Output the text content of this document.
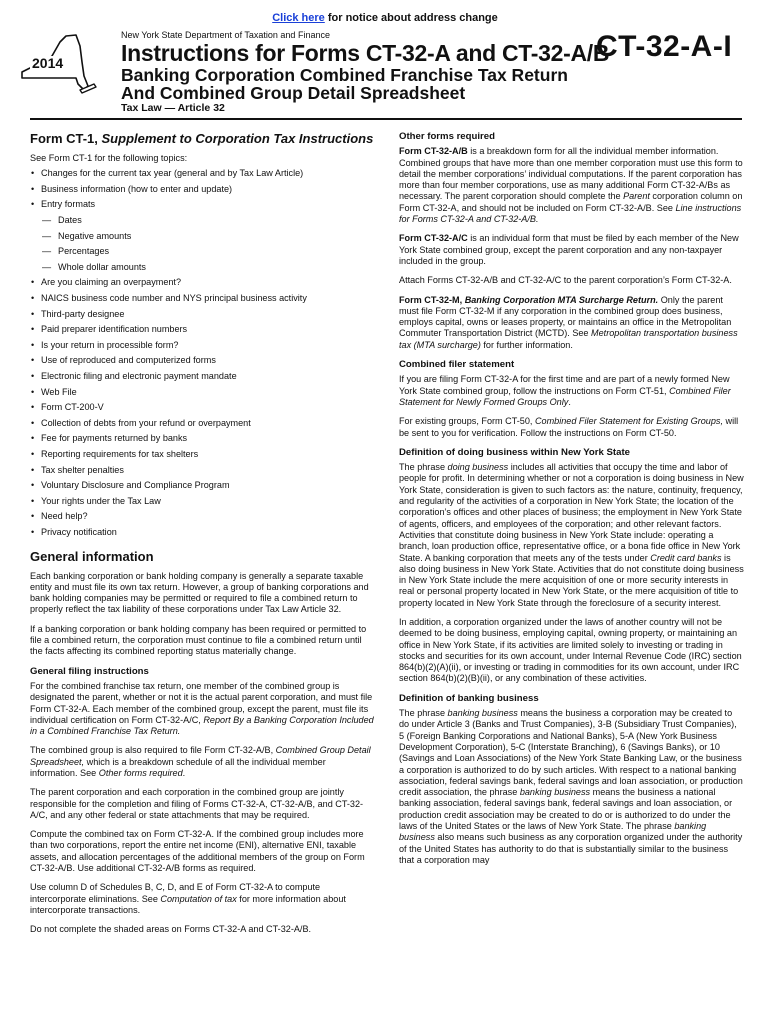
Click here for notice about address change
2014
New York State Department of Taxation and Finance	CT-32-A-I
Instructions for Forms CT-32-A and CT-32-A/B
Banking Corporation Combined Franchise Tax Return
And Combined Group Detail Spreadsheet
Tax Law — Article 32
Form CT-1, Supplement to Corporation Tax Instructions

See Form CT-1 for the following topics:

• Changes for the current tax year (general and by Tax Law Article)
• Business information (how to enter and update)
• Entry formats
— Dates
— Negative amounts
— Percentages
— Whole dollar amounts
• Are you claiming an overpayment?
• NAICS business code number and NYS principal business activity
• Third-party designee
• Paid preparer identification numbers
• Is your return in processible form?
• Use of reproduced and computerized forms
• Electronic filing and electronic payment mandate
• Web File
• Form CT-200-V
• Collection of debts from your refund or overpayment
• Fee for payments returned by banks
• Reporting requirements for tax shelters
• Tax shelter penalties
• Voluntary Disclosure and Compliance Program
• Your rights under the Tax Law
• Need help?
• Privacy notification
General information

Each banking corporation or bank holding company is generally a separate taxable entity and must file its own tax return. However, a group of banking corporations and bank holding companies may be permitted or required to file a combined return to properly reflect the tax liability of these corporations under Tax Law Article 32.

If a banking corporation or bank holding company has been required or permitted to file a combined return, the corporation must continue to file a combined return until the facts affecting its combined reporting status materially change.

General filing instructions

For the combined franchise tax return, one member of the combined group is designated the parent, whether or not it is the actual parent corporation, and must file Form CT-32-A. Each member of the combined group, except the parent, must file its individual certification on Form CT-32-A/C, Report By a Banking Corporation Included in a Combined Franchise Tax Return.

The combined group is also required to file Form CT-32-A/B, Combined Group Detail Spreadsheet, which is a breakdown schedule of all the individual member information. See Other forms required.

The parent corporation and each corporation in the combined group are jointly responsible for the completion and filing of Forms CT-32-A, CT-32-A/B, and CT-32-A/C, and any other federal or state attachments that may be required.

Compute the combined tax on Form CT-32-A. If the combined group includes more than two corporations, report the entire net income (ENI), alternative ENI, taxable assets, and allocation percentages of the additional members of the group on Form CT-32-A/B. Use additional CT-32-A/B forms as required.

Use column D of Schedules B, C, D, and E of Form CT-32-A to compute intercorporate eliminations. See Computation of tax for more information about intercorporate transactions.

Do not complete the shaded areas on Forms CT-32-A and CT-32-A/B.

Other forms required

Form CT-32-A/B is a breakdown form for all the individual member information. Combined groups that have more than one member corporation must use this form to detail the member corporations’ individual computations. If the parent corporation has more than four member corporations, use as many additional Form CT-32-A/Bs as necessary. The parent corporation should complete the Parent corporation column on Form CT-32-A, and should not be included on Form CT-32-A/B. See Line instructions for Forms CT-32-A and CT-32-A/B.

Form CT-32-A/C is an individual form that must be filed by each member of the New York State combined group, except the parent corporation and any non-taxpayer included in the group.

Attach Forms CT-32-A/B and CT-32-A/C to the parent corporation’s Form CT-32-A.

Form CT-32-M, Banking Corporation MTA Surcharge Return. Only the parent must file Form CT-32-M if any corporation in the combined group does business, employs capital, owns or leases property, or maintains an office in the Metropolitan Commuter Transportation District (MCTD). See Metropolitan transportation business tax (MTA surcharge) for further information.

Combined filer statement

If you are filing Form CT-32-A for the first time and are part of a newly formed New York State combined group, follow the instructions on Form CT-51, Combined Filer Statement for Newly Formed Groups Only.

For existing groups, Form CT-50, Combined Filer Statement for Existing Groups, will be sent to you for verification. Follow the instructions on Form CT-50.

Definition of doing business within New York State

The phrase doing business includes all activities that occupy the time and labor of people for profit. In determining whether or not a corporation is doing business in New York State, consideration is given to such factors as: the nature, continuity, frequency, and regularity of the activities of a corporation in New York State; the location of the corporation’s offices and other places of business; the employment in New York State of agents, officers, and employees of the corporation; and other relevant factors. Activities that constitute doing business in New York State include: operating a branch, loan production office, representative office, or a bona fide office in New York State. A banking corporation that meets any of the tests under Credit card banks is also doing business in New York State. Activities that do not constitute doing business in New York State include the mere acquisition of one or more security interests in real or personal property located in New York State, or the mere acquisition of title to property located in New York State through the foreclosure of a security interest.

In addition, a corporation organized under the laws of another country will not be deemed to be doing business, employing capital, owning property, or maintaining an office in New York State, if its activities are limited solely to investing or trading in stocks and securities for its own account, under Internal Revenue Code (IRC) section 864(b)(2)(A)(ii), or investing or trading in commodities for its own account, under IRC section 864(b)(2)(B)(ii), or any combination of these activities.

Definition of banking business

The phrase banking business means the business a corporation may be created to do under Article 3 (Banks and Trust Companies), 3-B (Subsidiary Trust Companies), 5 (Foreign Banking Corporations and National Banks), 5-A (New York Business Development Corporation), 5-C (Interstate Branching), 6 (Savings Banks), or 10 (Savings and Loan Associations) of the New York State Banking Law, or the business a corporation is authorized to do by such articles. With respect to a national banking association, federal savings bank, federal savings and loan association, or production credit association, the phrase banking business means the business a national banking association, federal savings bank, federal savings and loan association, or production credit association may be created to do or is authorized to do under the laws of the United States or the laws of New York State. The phrase banking business also means such business as any corporation organized under the authority of the United States has authority to do that is substantially similar to the business that a corporation may
